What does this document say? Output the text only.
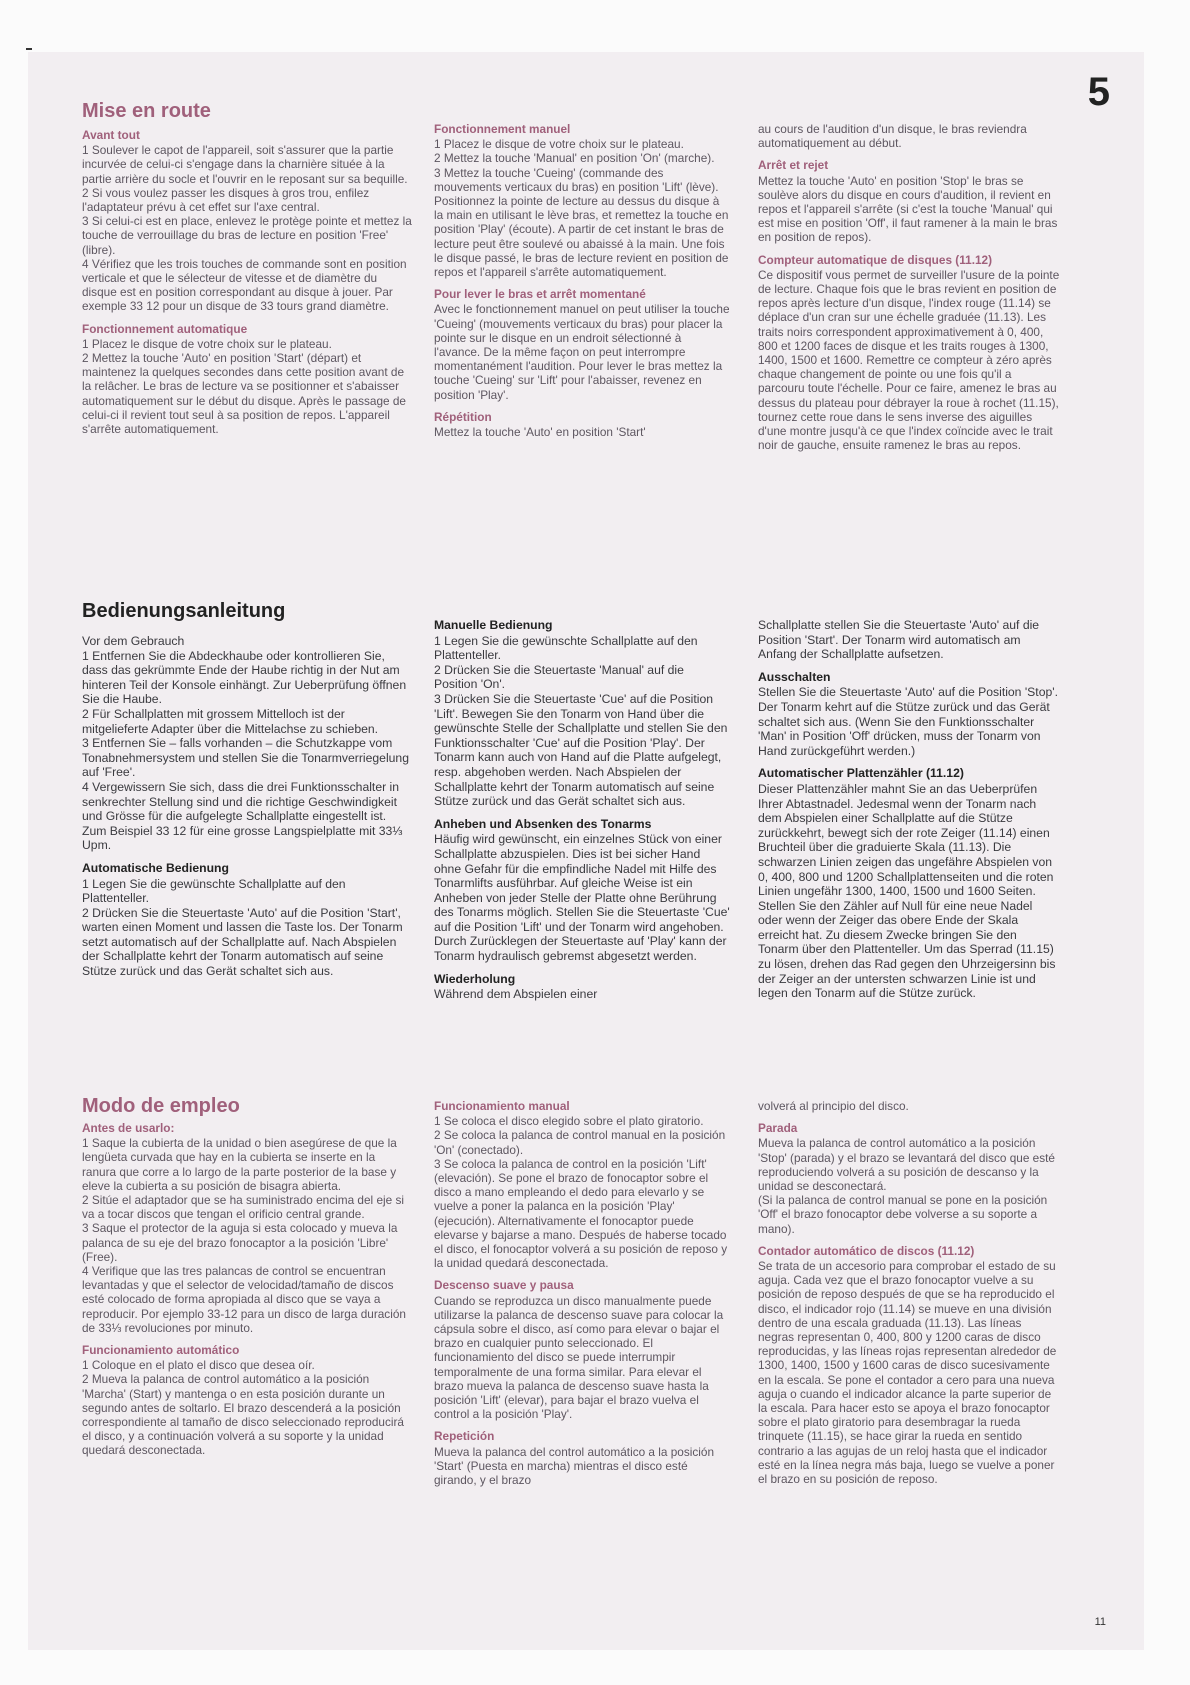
5
Mise en route
Avant tout
1 Soulever le capot de l'appareil, soit s'assurer que la partie incurvée de celui-ci s'engage dans la charnière située à la partie arrière du socle et l'ouvrir en le reposant sur sa bequille.
2 Si vous voulez passer les disques à gros trou, enfilez l'adaptateur prévu à cet effet sur l'axe central.
3 Si celui-ci est en place, enlevez le protège pointe et mettez la touche de verrouillage du bras de lecture en position 'Free' (libre).
4 Vérifiez que les trois touches de commande sont en position verticale et que le sélecteur de vitesse et de diamètre du disque est en position correspondant au disque à jouer. Par exemple 33 12 pour un disque de 33 tours grand diamètre.
Fonctionnement automatique
1 Placez le disque de votre choix sur le plateau.
2 Mettez la touche 'Auto' en position 'Start' (départ) et maintenez la quelques secondes dans cette position avant de la relâcher. Le bras de lecture va se positionner et s'abaisser automatiquement sur le début du disque. Après le passage de celui-ci il revient tout seul à sa position de repos. L'appareil s'arrête automatiquement.
Fonctionnement manuel
1 Placez le disque de votre choix sur le plateau.
2 Mettez la touche 'Manual' en position 'On' (marche).
3 Mettez la touche 'Cueing' (commande des mouvements verticaux du bras) en position 'Lift' (lève). Positionnez la pointe de lecture au dessus du disque à la main en utilisant le lève bras, et remettez la touche en position 'Play' (écoute). A partir de cet instant le bras de lecture peut être soulevé ou abaissé à la main. Une fois le disque passé, le bras de lecture revient en position de repos et l'appareil s'arrête automatiquement.
Pour lever le bras et arrêt momentané
Avec le fonctionnement manuel on peut utiliser la touche 'Cueing' (mouvements verticaux du bras) pour placer la pointe sur le disque en un endroit sélectionné à l'avance. De la même façon on peut interrompre momentanément l'audition. Pour lever le bras mettez la touche 'Cueing' sur 'Lift' pour l'abaisser, revenez en position 'Play'.
Répétition
Mettez la touche 'Auto' en position 'Start'
au cours de l'audition d'un disque, le bras reviendra automatiquement au début.
Arrêt et rejet
Mettez la touche 'Auto' en position 'Stop' le bras se soulève alors du disque en cours d'audition, il revient en repos et l'appareil s'arrête (si c'est la touche 'Manual' qui est mise en position 'Off', il faut ramener à la main le bras en position de repos).
Compteur automatique de disques (11.12)
Ce dispositif vous permet de surveiller l'usure de la pointe de lecture. Chaque fois que le bras revient en position de repos après lecture d'un disque, l'index rouge (11.14) se déplace d'un cran sur une échelle graduée (11.13). Les traits noirs correspondent approximativement à 0, 400, 800 et 1200 faces de disque et les traits rouges à 1300, 1400, 1500 et 1600. Remettre ce compteur à zéro après chaque changement de pointe ou une fois qu'il a parcouru toute l'échelle. Pour ce faire, amenez le bras au dessus du plateau pour débrayer la roue à rochet (11.15), tournez cette roue dans le sens inverse des aiguilles d'une montre jusqu'à ce que l'index coïncide avec le trait noir de gauche, ensuite ramenez le bras au repos.
Bedienungsanleitung
Vor dem Gebrauch
1 Entfernen Sie die Abdeckhaube oder kontrollieren Sie, dass das gekrümmte Ende der Haube richtig in der Nut am hinteren Teil der Konsole einhängt. Zur Ueberprüfung öffnen Sie die Haube.
2 Für Schallplatten mit grossem Mittelloch ist der mitgelieferte Adapter über die Mittelachse zu schieben.
3 Entfernen Sie – falls vorhanden – die Schutzkappe vom Tonabnehmersystem und stellen Sie die Tonarmverriegelung auf 'Free'.
4 Vergewissern Sie sich, dass die drei Funktionsschalter in senkrechter Stellung sind und die richtige Geschwindigkeit und Grösse für die aufgelegte Schallplatte eingestellt ist. Zum Beispiel 33 12 für eine grosse Langspielplatte mit 33⅓ Upm.
Automatische Bedienung
1 Legen Sie die gewünschte Schallplatte auf den Plattenteller.
2 Drücken Sie die Steuertaste 'Auto' auf die Position 'Start', warten einen Moment und lassen die Taste los. Der Tonarm setzt automatisch auf der Schallplatte auf. Nach Abspielen der Schallplatte kehrt der Tonarm automatisch auf seine Stütze zurück und das Gerät schaltet sich aus.
Manuelle Bedienung
1 Legen Sie die gewünschte Schallplatte auf den Plattenteller.
2 Drücken Sie die Steuertaste 'Manual' auf die Position 'On'.
3 Drücken Sie die Steuertaste 'Cue' auf die Position 'Lift'. Bewegen Sie den Tonarm von Hand über die gewünschte Stelle der Schallplatte und stellen Sie den Funktionsschalter 'Cue' auf die Position 'Play'. Der Tonarm kann auch von Hand auf die Platte aufgelegt, resp. abgehoben werden. Nach Abspielen der Schallplatte kehrt der Tonarm automatisch auf seine Stütze zurück und das Gerät schaltet sich aus.
Anheben und Absenken des Tonarms
Häufig wird gewünscht, ein einzelnes Stück von einer Schallplatte abzuspielen. Dies ist bei sicher Hand ohne Gefahr für die empfindliche Nadel mit Hilfe des Tonarmlifts ausführbar. Auf gleiche Weise ist ein Anheben von jeder Stelle der Platte ohne Berührung des Tonarms möglich. Stellen Sie die Steuertaste 'Cue' auf die Position 'Lift' und der Tonarm wird angehoben. Durch Zurücklegen der Steuertaste auf 'Play' kann der Tonarm hydraulisch gebremst abgesetzt werden.
Wiederholung
Während dem Abspielen einer
Schallplatte stellen Sie die Steuertaste 'Auto' auf die Position 'Start'. Der Tonarm wird automatisch am Anfang der Schallplatte aufsetzen.
Ausschalten
Stellen Sie die Steuertaste 'Auto' auf die Position 'Stop'. Der Tonarm kehrt auf die Stütze zurück und das Gerät schaltet sich aus. (Wenn Sie den Funktionsschalter 'Man' in Position 'Off' drücken, muss der Tonarm von Hand zurückgeführt werden.)
Automatischer Plattenzähler (11.12)
Dieser Plattenzähler mahnt Sie an das Ueberprüfen Ihrer Abtastnadel. Jedesmal wenn der Tonarm nach dem Abspielen einer Schallplatte auf die Stütze zurückkehrt, bewegt sich der rote Zeiger (11.14) einen Bruchteil über die graduierte Skala (11.13). Die schwarzen Linien zeigen das ungefähre Abspielen von 0, 400, 800 und 1200 Schallplattenseiten und die roten Linien ungefähr 1300, 1400, 1500 und 1600 Seiten. Stellen Sie den Zähler auf Null für eine neue Nadel oder wenn der Zeiger das obere Ende der Skala erreicht hat. Zu diesem Zwecke bringen Sie den Tonarm über den Plattenteller. Um das Sperrad (11.15) zu lösen, drehen das Rad gegen den Uhrzeigersinn bis der Zeiger an der untersten schwarzen Linie ist und legen den Tonarm auf die Stütze zurück.
Modo de empleo
Antes de usarlo:
1 Saque la cubierta de la unidad o bien asegúrese de que la lengüeta curvada que hay en la cubierta se inserte en la ranura que corre a lo largo de la parte posterior de la base y eleve la cubierta a su posición de bisagra abierta.
2 Sitúe el adaptador que se ha suministrado encima del eje si va a tocar discos que tengan el orificio central grande.
3 Saque el protector de la aguja si esta colocado y mueva la palanca de su eje del brazo fonocaptor a la posición 'Libre' (Free).
4 Verifique que las tres palancas de control se encuentran levantadas y que el selector de velocidad/tamaño de discos esté colocado de forma apropiada al disco que se vaya a reproducir. Por ejemplo 33-12 para un disco de larga duración de 33⅓ revoluciones por minuto.
Funcionamiento automático
1 Coloque en el plato el disco que desea oír.
2 Mueva la palanca de control automático a la posición 'Marcha' (Start) y mantenga o en esta posición durante un segundo antes de soltarlo. El brazo descenderá a la posición correspondiente al tamaño de disco seleccionado reproducirá el disco, y a continuación volverá a su soporte y la unidad quedará desconectada.
Funcionamiento manual
1 Se coloca el disco elegido sobre el plato giratorio.
2 Se coloca la palanca de control manual en la posición 'On' (conectado).
3 Se coloca la palanca de control en la posición 'Lift' (elevación). Se pone el brazo de fonocaptor sobre el disco a mano empleando el dedo para elevarlo y se vuelve a poner la palanca en la posición 'Play' (ejecución). Alternativamente el fonocaptor puede elevarse y bajarse a mano. Después de haberse tocado el disco, el fonocaptor volverá a su posición de reposo y la unidad quedará desconectada.
Descenso suave y pausa
Cuando se reproduzca un disco manualmente puede utilizarse la palanca de descenso suave para colocar la cápsula sobre el disco, así como para elevar o bajar el brazo en cualquier punto seleccionado. El funcionamiento del disco se puede interrumpir temporalmente de una forma similar. Para elevar el brazo mueva la palanca de descenso suave hasta la posición 'Lift' (elevar), para bajar el brazo vuelva el control a la posición 'Play'.
Repetición
Mueva la palanca del control automático a la posición 'Start' (Puesta en marcha) mientras el disco esté girando, y el brazo
volverá al principio del disco.
Parada
Mueva la palanca de control automático a la posición 'Stop' (parada) y el brazo se levantará del disco que esté reproduciendo volverá a su posición de descanso y la unidad se desconectará.
(Si la palanca de control manual se pone en la posición 'Off' el brazo fonocaptor debe volverse a su soporte a mano).
Contador automático de discos (11.12)
Se trata de un accesorio para comprobar el estado de su aguja. Cada vez que el brazo fonocaptor vuelve a su posición de reposo después de que se ha reproducido el disco, el indicador rojo (11.14) se mueve en una división dentro de una escala graduada (11.13). Las líneas negras representan 0, 400, 800 y 1200 caras de disco reproducidas, y las líneas rojas representan alrededor de 1300, 1400, 1500 y 1600 caras de disco sucesivamente en la escala. Se pone el contador a cero para una nueva aguja o cuando el indicador alcance la parte superior de la escala. Para hacer esto se apoya el brazo fonocaptor sobre el plato giratorio para desembragar la rueda trinquete (11.15), se hace girar la rueda en sentido contrario a las agujas de un reloj hasta que el indicador esté en la línea negra más baja, luego se vuelve a poner el brazo en su posición de reposo.
11
